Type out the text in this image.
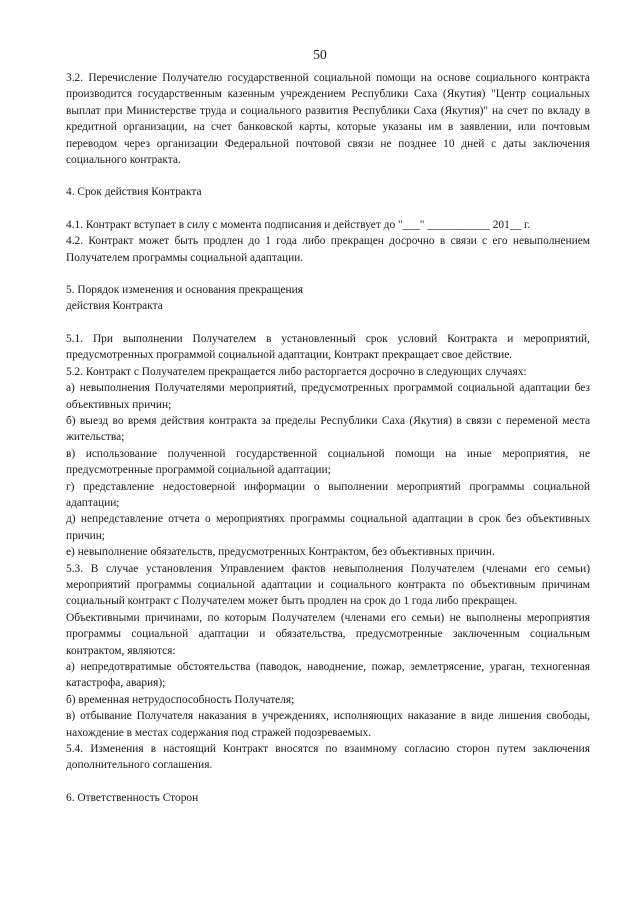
50

3.2. Перечисление Получателю государственной социальной помощи на основе социального контракта производится государственным казенным учреждением Республики Саха (Якутия) "Центр социальных выплат при Министерстве труда и социального развития Республики Саха (Якутия)" на счет по вкладу в кредитной организации, на счет банковской карты, которые указаны им в заявлении, или почтовым переводом через организации Федеральной почтовой связи не позднее 10 дней с даты заключения социального контракта.

4. Срок действия Контракта

4.1. Контракт вступает в силу с момента подписания и действует до "___" ___________ 201__ г.

4.2. Контракт может быть продлен до 1 года либо прекращен досрочно в связи с его невыполнением Получателем программы социальной адаптации.

5. Порядок изменения и основания прекращения

действия Контракта

5.1. При выполнении Получателем в установленный срок условий Контракта и мероприятий, предусмотренных программой социальной адаптации, Контракт прекращает свое действие.

5.2. Контракт с Получателем прекращается либо расторгается досрочно в следующих случаях:

а) невыполнения Получателями мероприятий, предусмотренных программой социальной адаптации без объективных причин;

б) выезд во время действия контракта за пределы Республики Саха (Якутия) в связи с переменой места жительства;

в) использование полученной государственной социальной помощи на иные мероприятия, не предусмотренные программой социальной адаптации;

г) представление недостоверной информации о выполнении мероприятий программы социальной адаптации;

д) непредставление отчета о мероприятиях программы социальной адаптации в срок без объективных причин;

е) невыполнение обязательств, предусмотренных Контрактом, без объективных причин.

5.3. В случае установления Управлением фактов невыполнения Получателем (членами его семьи) мероприятий программы социальной адаптации и социального контракта по объективным причинам социальный контракт с Получателем может быть продлен на срок до 1 года либо прекращен.

Объективными причинами, по которым Получателем (членами его семьи) не выполнены мероприятия программы социальной адаптации и обязательства, предусмотренные заключенным социальным контрактом, являются:

а) непредотвратимые обстоятельства (паводок, наводнение, пожар, землетрясение, ураган, техногенная катастрофа, авария);

б) временная нетрудоспособность Получателя;

в) отбывание Получателя наказания в учреждениях, исполняющих наказание в виде лишения свободы, нахождение в местах содержания под стражей подозреваемых.

5.4. Изменения в настоящий Контракт вносятся по взаимному согласию сторон путем заключения дополнительного соглашения.

6. Ответственность Сторон
